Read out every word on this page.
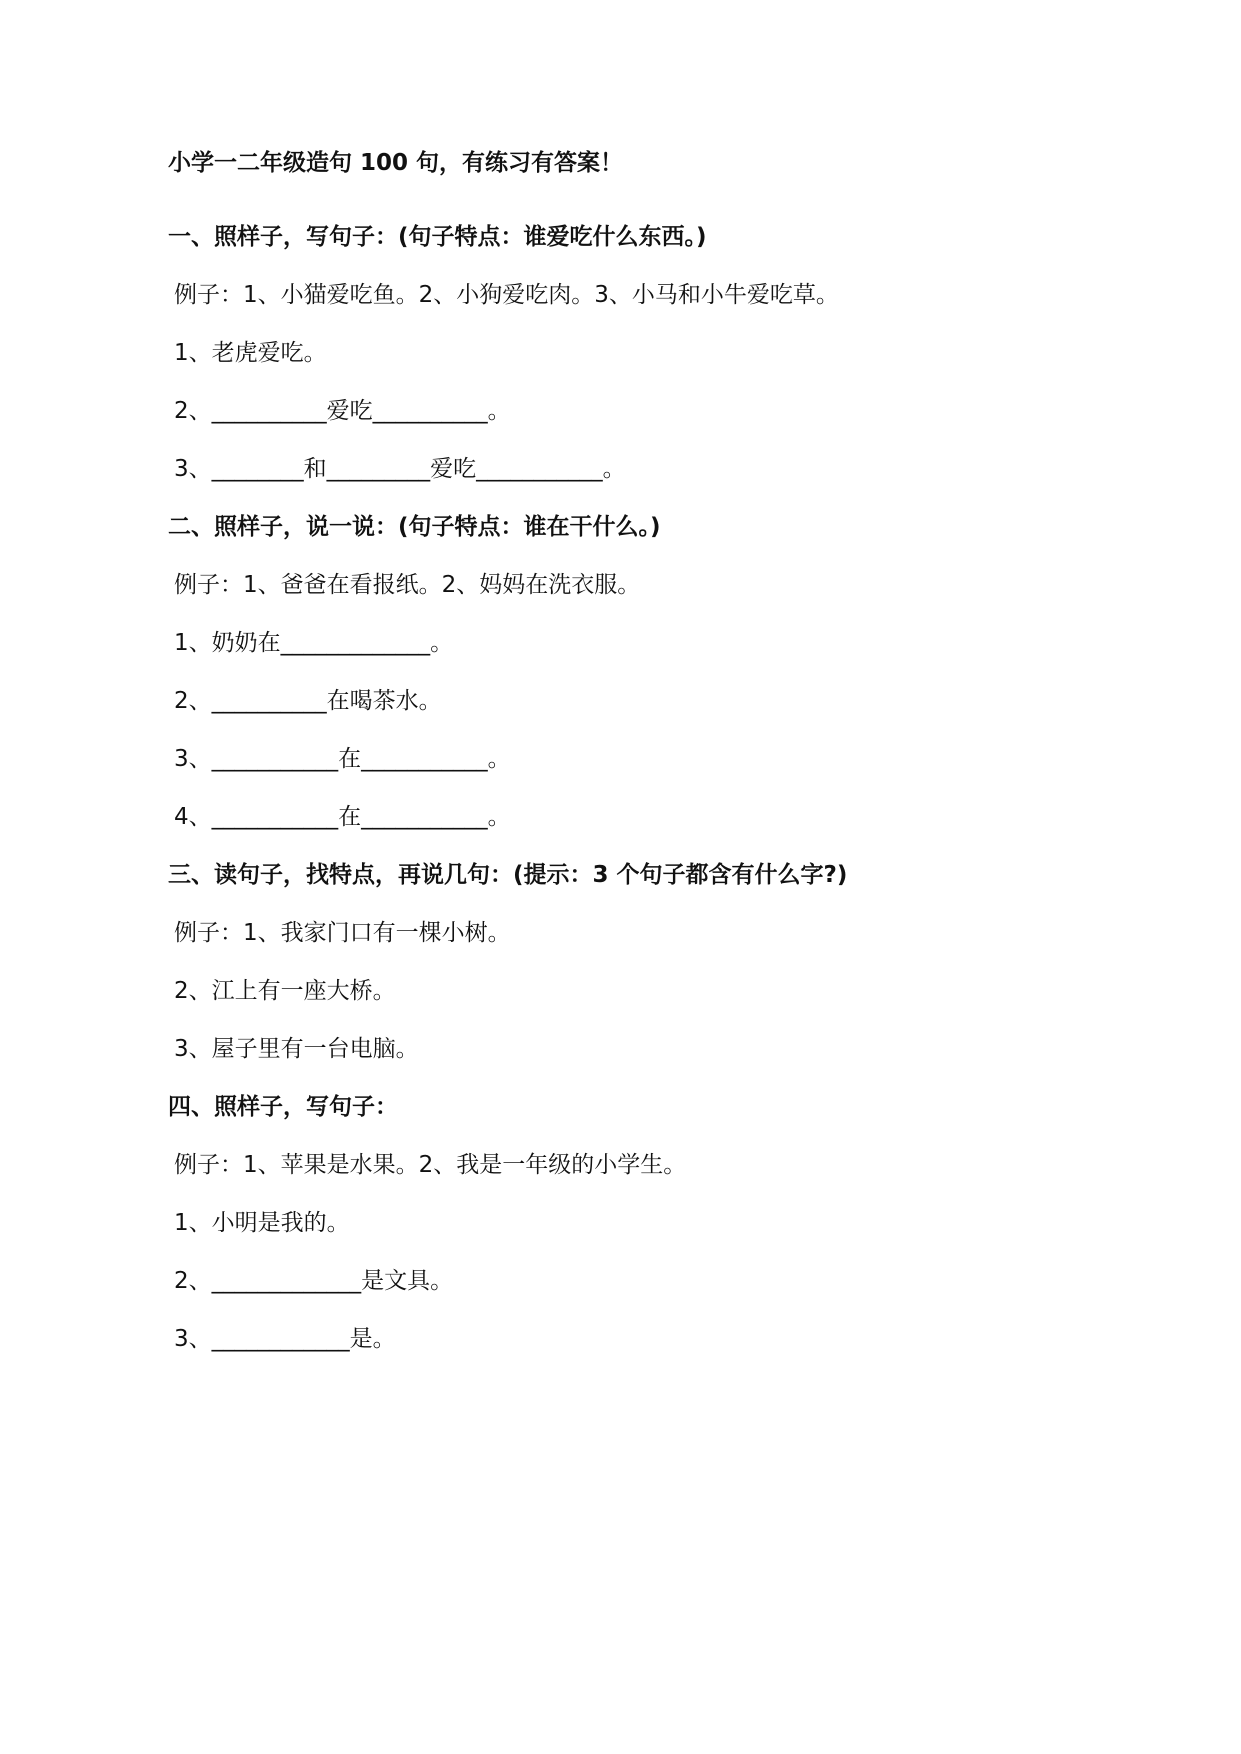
小学一二年级造句 100 句，有练习有答案！
一、照样子，写句子：(句子特点：谁爱吃什么东西。)
例子：1、小猫爱吃鱼。2、小狗爱吃肉。3、小马和小牛爱吃草。
1、老虎爱吃。
2、__________爱吃__________。
3、________和_________爱吃___________。
二、照样子，说一说：(句子特点：谁在干什么。)
例子：1、爸爸在看报纸。2、妈妈在洗衣服。
1、奶奶在_____________。
2、__________在喝茶水。
3、___________在___________。
4、___________在___________。
三、读句子，找特点，再说几句：(提示：3 个句子都含有什么字?)
例子：1、我家门口有一棵小树。
2、江上有一座大桥。
3、屋子里有一台电脑。
四、照样子，写句子：
例子：1、苹果是水果。2、我是一年级的小学生。
1、小明是我的。
2、_____________是文具。
3、____________是。
